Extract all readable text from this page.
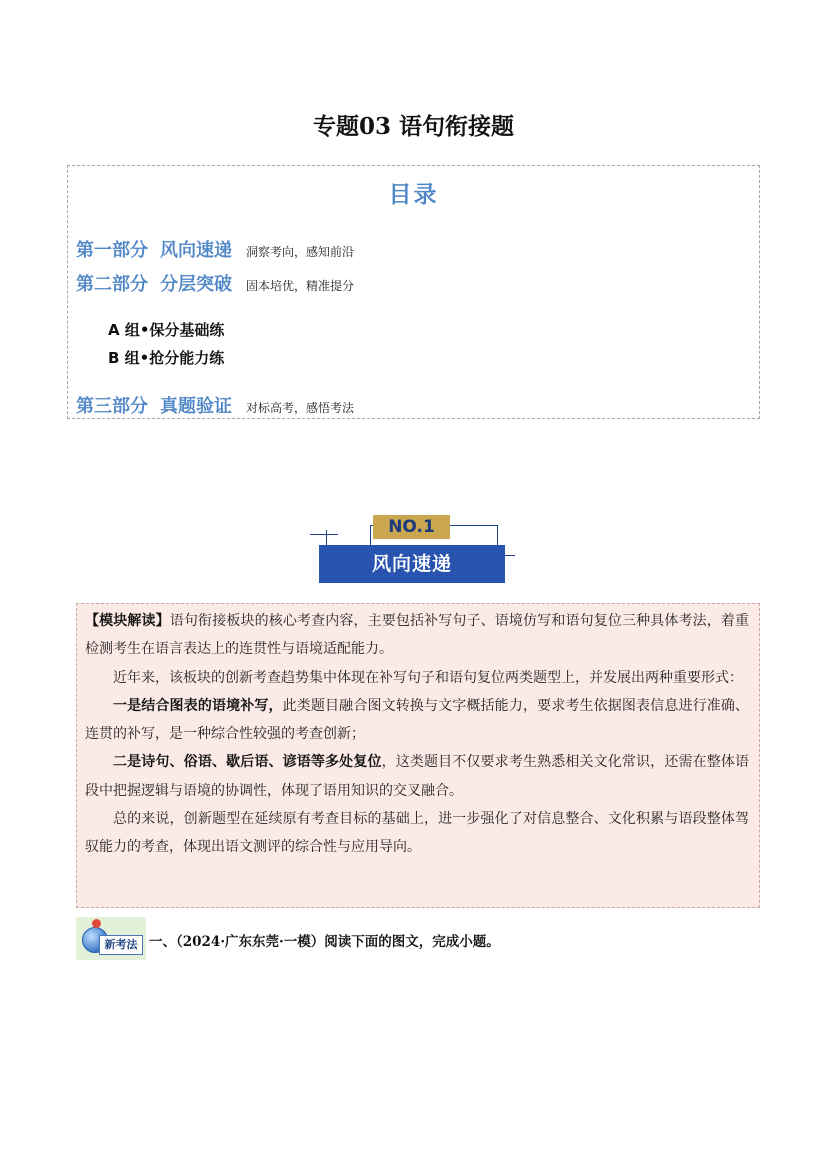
专题03 语句衔接题
目录
第一部分 风向速递 洞察考向，感知前沿
第二部分 分层突破 固本培优，精准提分
A 组•保分基础练
B 组•抢分能力练
第三部分 真题验证 对标高考，感悟考法
NO.1
风向速递

【模块解读】语句衔接板块的核心考查内容，主要包括补写句子、语境仿写和语句复位三种具体考法，着重检测考生在语言表达上的连贯性与语境适配能力。

近年来，该板块的创新考查趋势集中体现在补写句子和语句复位两类题型上，并发展出两种重要形式：

一是结合图表的语境补写，此类题目融合图文转换与文字概括能力，要求考生依据图表信息进行准确、连贯的补写，是一种综合性较强的考查创新；

二是诗句、俗语、歇后语、谚语等多处复位，这类题目不仅要求考生熟悉相关文化常识，还需在整体语段中把握逻辑与语境的协调性，体现了语用知识的交叉融合。

总的来说，创新题型在延续原有考查目标的基础上，进一步强化了对信息整合、文化积累与语段整体驾驭能力的考查，体现出语文测评的综合性与应用导向。

新考法 一、（2024·广东东莞·一模）阅读下面的图文，完成小题。
